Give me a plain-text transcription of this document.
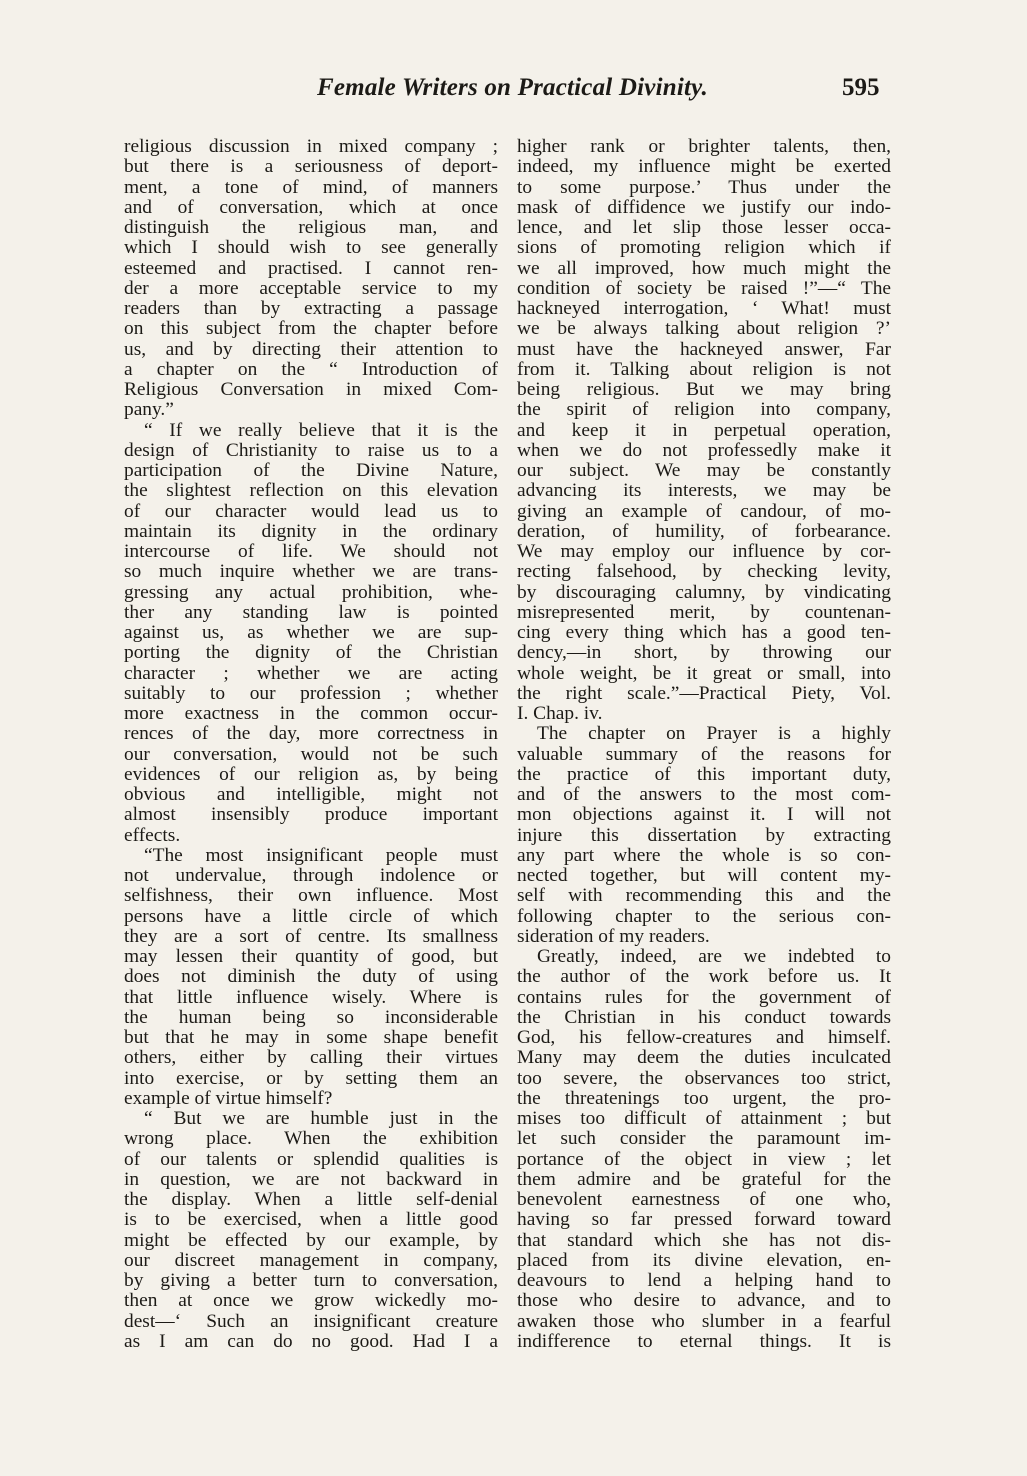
Female Writers on Practical Divinity.	595
religious discussion in mixed company ;
but there is a seriousness of deport-
ment, a tone of mind, of manners
and of conversation, which at once
distinguish the religious man, and
which I should wish to see generally
esteemed and practised. I cannot ren-
der a more acceptable service to my
readers than by extracting a passage
on this subject from the chapter before
us, and by directing their attention to
a chapter on the “ Introduction of
Religious Conversation in mixed Com-
pany.”
“ If we really believe that it is the
design of Christianity to raise us to a
participation of the Divine Nature,
the slightest reflection on this elevation
of our character would lead us to
maintain its dignity in the ordinary
intercourse of life. We should not
so much inquire whether we are trans-
gressing any actual prohibition, whe-
ther any standing law is pointed
against us, as whether we are sup-
porting the dignity of the Christian
character ; whether we are acting
suitably to our profession ; whether
more exactness in the common occur-
rences of the day, more correctness in
our conversation, would not be such
evidences of our religion as, by being
obvious and intelligible, might not
almost insensibly produce important
effects.
“The most insignificant people must
not undervalue, through indolence or
selfishness, their own influence. Most
persons have a little circle of which
they are a sort of centre. Its smallness
may lessen their quantity of good, but
does not diminish the duty of using
that little influence wisely. Where is
the human being so inconsiderable
but that he may in some shape benefit
others, either by calling their virtues
into exercise, or by setting them an
example of virtue himself?
“ But we are humble just in the
wrong place. When the exhibition
of our talents or splendid qualities is
in question, we are not backward in
the display. When a little self-denial
is to be exercised, when a little good
might be effected by our example, by
our discreet management in company,
by giving a better turn to conversation,
then at once we grow wickedly mo-
dest—‘ Such an insignificant creature
as I am can do no good. Had I a
higher rank or brighter talents, then,
indeed, my influence might be exerted
to some purpose.’ Thus under the
mask of diffidence we justify our indo-
lence, and let slip those lesser occa-
sions of promoting religion which if
we all improved, how much might the
condition of society be raised !”—“ The
hackneyed interrogation, ‘ What! must
we be always talking about religion ?’
must have the hackneyed answer, Far
from it. Talking about religion is not
being religious. But we may bring
the spirit of religion into company,
and keep it in perpetual operation,
when we do not professedly make it
our subject. We may be constantly
advancing its interests, we may be
giving an example of candour, of mo-
deration, of humility, of forbearance.
We may employ our influence by cor-
recting falsehood, by checking levity,
by discouraging calumny, by vindicating
misrepresented merit, by countenan-
cing every thing which has a good ten-
dency,—in short, by throwing our
whole weight, be it great or small, into
the right scale.”—Practical Piety, Vol.
I. Chap. iv.
The chapter on Prayer is a highly
valuable summary of the reasons for
the practice of this important duty,
and of the answers to the most com-
mon objections against it. I will not
injure this dissertation by extracting
any part where the whole is so con-
nected together, but will content my-
self with recommending this and the
following chapter to the serious con-
sideration of my readers.
Greatly, indeed, are we indebted to
the author of the work before us. It
contains rules for the government of
the Christian in his conduct towards
God, his fellow-creatures and himself.
Many may deem the duties inculcated
too severe, the observances too strict,
the threatenings too urgent, the pro-
mises too difficult of attainment ; but
let such consider the paramount im-
portance of the object in view ; let
them admire and be grateful for the
benevolent earnestness of one who,
having so far pressed forward toward
that standard which she has not dis-
placed from its divine elevation, en-
deavours to lend a helping hand to
those who desire to advance, and to
awaken those who slumber in a fearful
indifference to eternal things. It is
